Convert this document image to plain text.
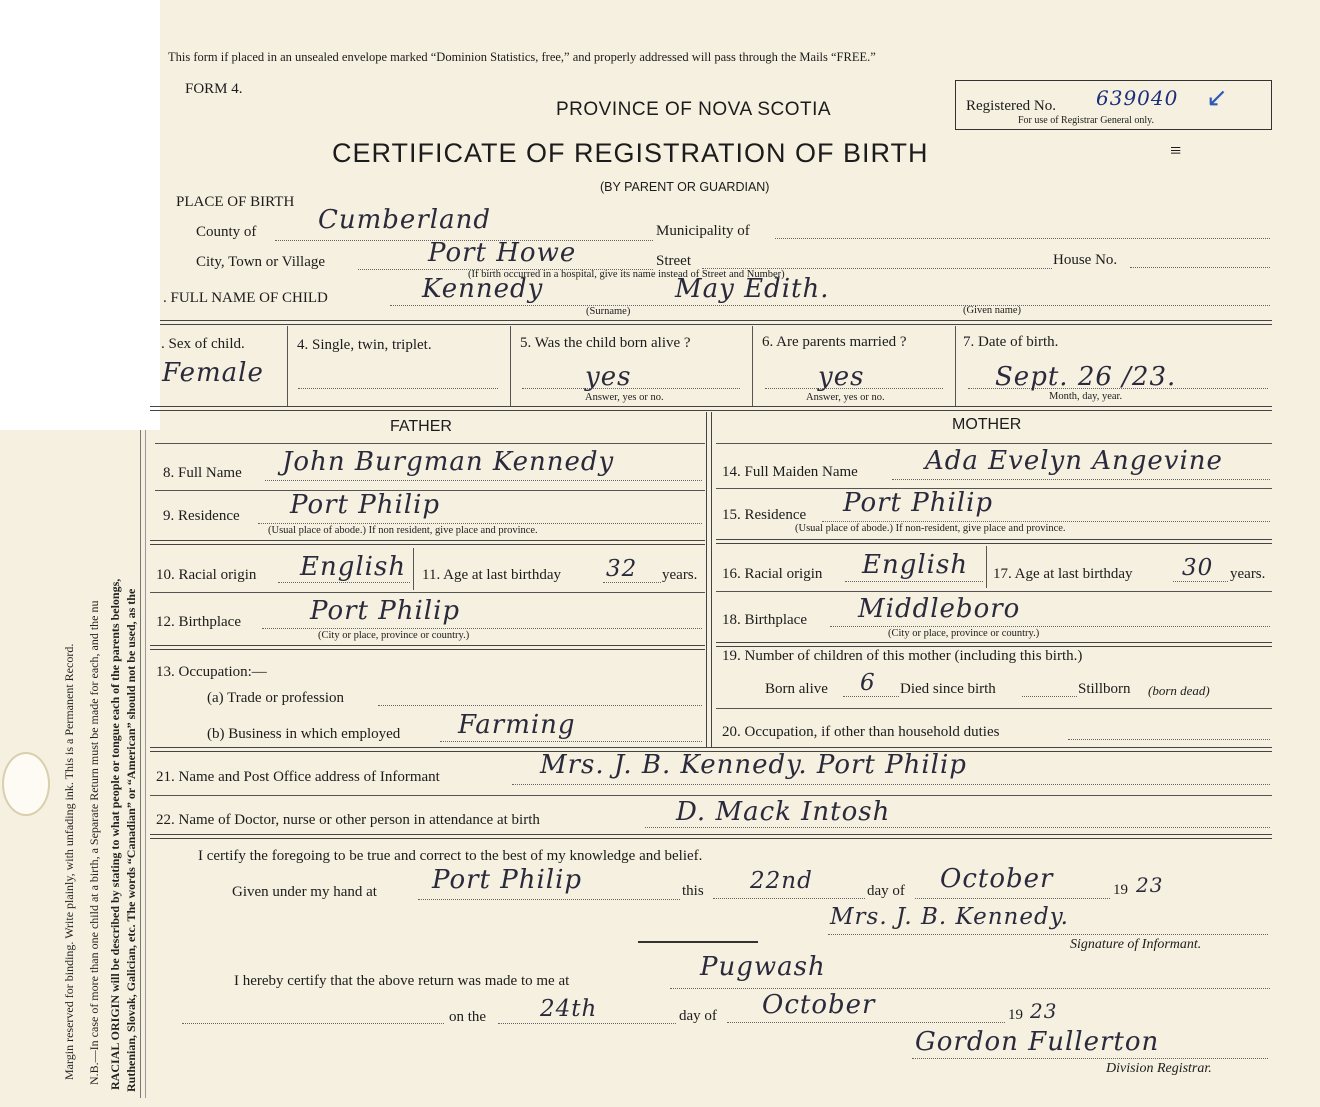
Margin reserved for binding. Write plainly, with unfading ink. This is a Permanent Record. N.B.—In case of more than one child at a birth, a Separate Return must be made for each, and the nu RACIAL ORIGIN will be described by stating to what people or tongue each of the parents belongs, Ruthenian, Slovak, Galician, etc. The words “Canadian” or “American” should not be used, as the
This form if placed in an unsealed envelope marked “Dominion Statistics, free,” and properly addressed will pass through the Mails “FREE.”
FORM 4.
PROVINCE OF NOVA SCOTIA	Registered No. 639040 ↙
For use of Registrar General only.
CERTIFICATE OF REGISTRATION OF BIRTH	≡
(BY PARENT OR GUARDIAN)
PLACE OF BIRTH
County of Cumberland	Municipality of
City, Town or Village	Port Howe	Street	House No.
(If birth occurred in a hospital, give its name instead of Street and Number)
. FULL NAME OF CHILD	Kennedy	May Edith.
(Surname)	(Given name)
. Sex of child.
Female
4. Single, twin, triplet.	5. Was the child born alive ?
yes
Answer, yes or no.
6. Are parents married ?
yes
Answer, yes or no.
7. Date of birth.
Sept. 26 /23.
Month, day, year.
FATHER	MOTHER
8. Full Name John Burgman Kennedy
9. Residence Port Philip
(Usual place of abode.) If non resident, give place and province.
10. Racial origin English 11. Age at last birthday 32 years.
12. Birthplace	Port Philip
(City or place, province or country.)
13. Occupation:—
(a) Trade or profession
(b) Business in which employed Farming
14. Full Maiden Name	Ada Evelyn Angevine
15. Residence Port Philip
(Usual place of abode.) If non-resident, give place and province.
16. Racial origin English 17. Age at last birthday 30 years.
18. Birthplace Middleboro
(City or place, province or country.)
19. Number of children of this mother (including this birth.)
Born alive 6 Died since birth	Stillborn (born dead)
20. Occupation, if other than household duties
21. Name and Post Office address of Informant	Mrs. J. B. Kennedy. Port Philip
22. Name of Doctor, nurse or other person in attendance at birth	D. Mack Intosh
I certify the foregoing to be true and correct to the best of my knowledge and belief.
Given under my hand at Port Philip	this 22nd	day of October	19 23
Mrs. J. B. Kennedy.
Signature of Informant.
I hereby certify that the above return was made to me at	Pugwash
on the 24th	day of October	19 23
Gordon Fullerton
Division Registrar.
